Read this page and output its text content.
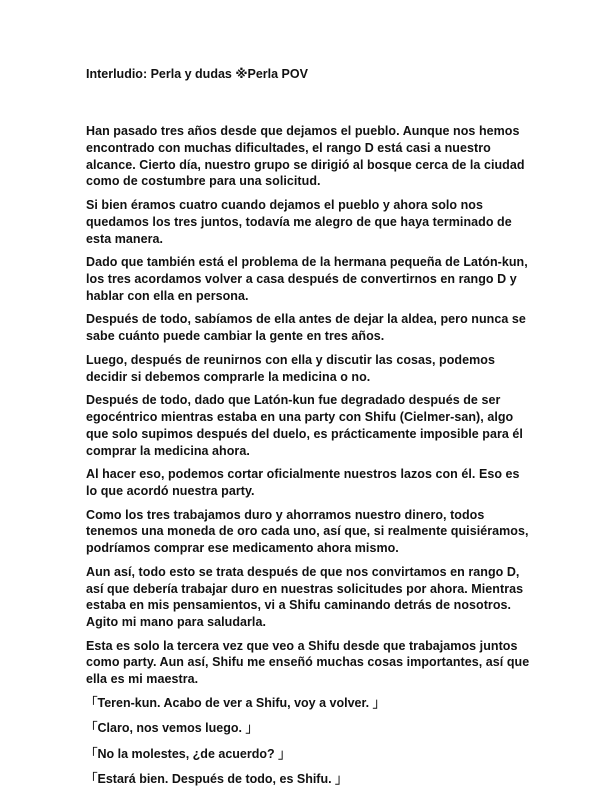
Interludio: Perla y dudas ※Perla POV
Han pasado tres años desde que dejamos el pueblo. Aunque nos hemos encontrado con muchas dificultades, el rango D está casi a nuestro alcance. Cierto día, nuestro grupo se dirigió al bosque cerca de la ciudad como de costumbre para una solicitud.
Si bien éramos cuatro cuando dejamos el pueblo y ahora solo nos quedamos los tres juntos, todavía me alegro de que haya terminado de esta manera.
Dado que también está el problema de la hermana pequeña de Latón-kun, los tres acordamos volver a casa después de convertirnos en rango D y hablar con ella en persona.
Después de todo, sabíamos de ella antes de dejar la aldea, pero nunca se sabe cuánto puede cambiar la gente en tres años.
Luego, después de reunirnos con ella y discutir las cosas, podemos decidir si debemos comprarle la medicina o no.
Después de todo, dado que Latón-kun fue degradado después de ser egocéntrico mientras estaba en una party con Shifu (Cielmer-san), algo que solo supimos después del duelo, es prácticamente imposible para él comprar la medicina ahora.
Al hacer eso, podemos cortar oficialmente nuestros lazos con él. Eso es lo que acordó nuestra party.
Como los tres trabajamos duro y ahorramos nuestro dinero, todos tenemos una moneda de oro cada uno, así que, si realmente quisiéramos, podríamos comprar ese medicamento ahora mismo.
Aun así, todo esto se trata después de que nos convirtamos en rango D, así que debería trabajar duro en nuestras solicitudes por ahora. Mientras estaba en mis pensamientos, vi a Shifu caminando detrás de nosotros. Agito mi mano para saludarla.
Esta es solo la tercera vez que veo a Shifu desde que trabajamos juntos como party. Aun así, Shifu me enseñó muchas cosas importantes, así que ella es mi maestra.
「Teren-kun. Acabo de ver a Shifu, voy a volver. 」
「Claro, nos vemos luego. 」
「No la molestes, ¿de acuerdo? 」
「Estará bien. Después de todo, es Shifu. 」
